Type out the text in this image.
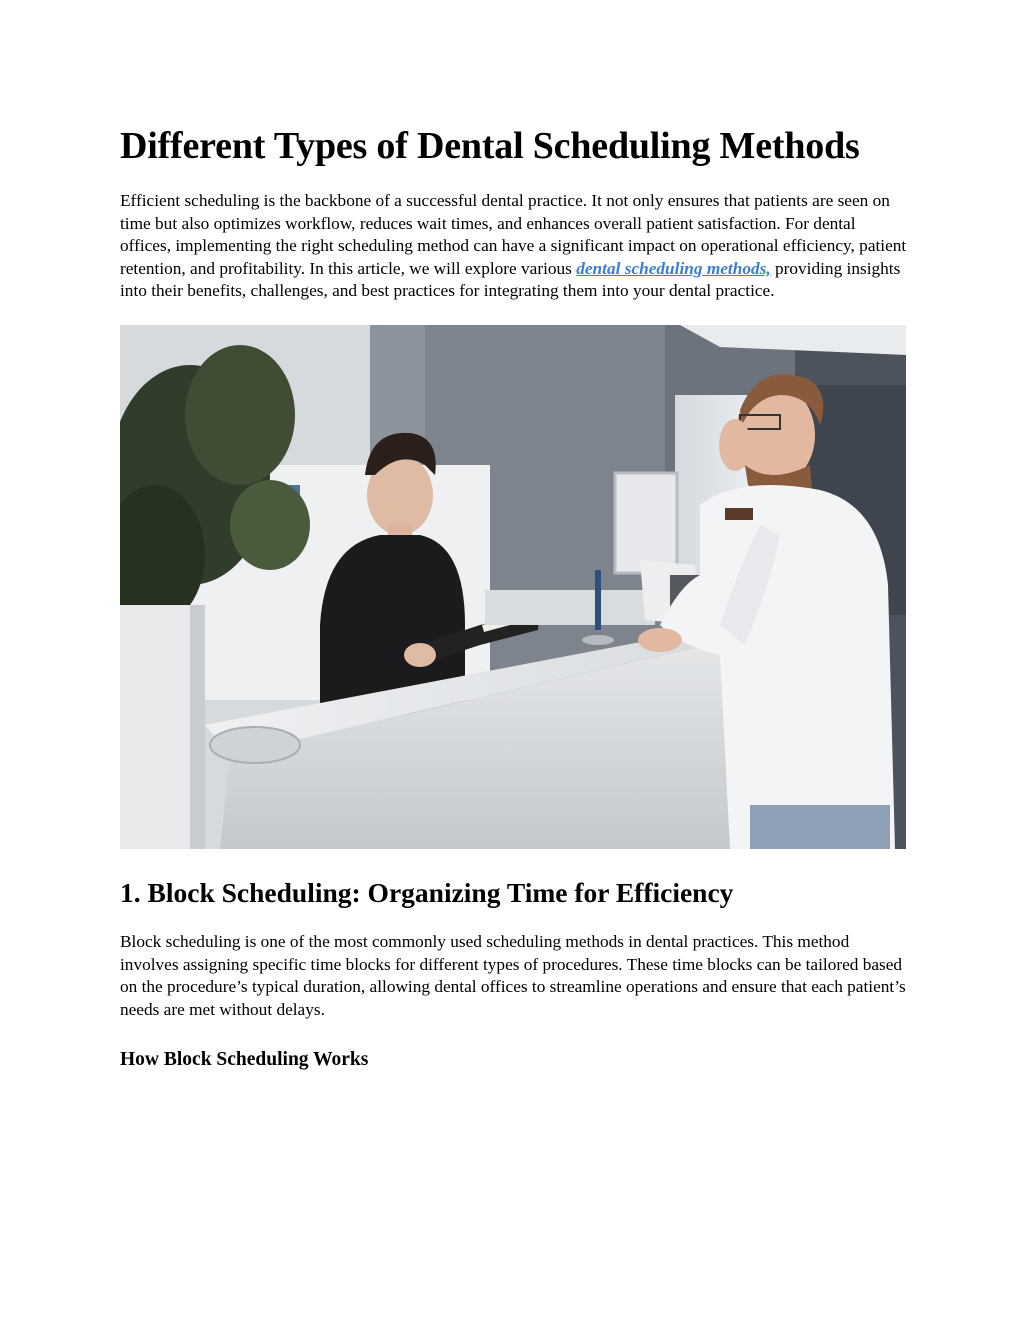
Different Types of Dental Scheduling Methods

Efficient scheduling is the backbone of a successful dental practice. It not only ensures that patients are seen on time but also optimizes workflow, reduces wait times, and enhances overall patient satisfaction. For dental offices, implementing the right scheduling method can have a significant impact on operational efficiency, patient retention, and profitability. In this article, we will explore various dental scheduling methods, providing insights into their benefits, challenges, and best practices for integrating them into your dental practice.

1. Block Scheduling: Organizing Time for Efficiency

Block scheduling is one of the most commonly used scheduling methods in dental practices. This method involves assigning specific time blocks for different types of procedures. These time blocks can be tailored based on the procedure’s typical duration, allowing dental offices to streamline operations and ensure that each patient’s needs are met without delays.

How Block Scheduling Works
